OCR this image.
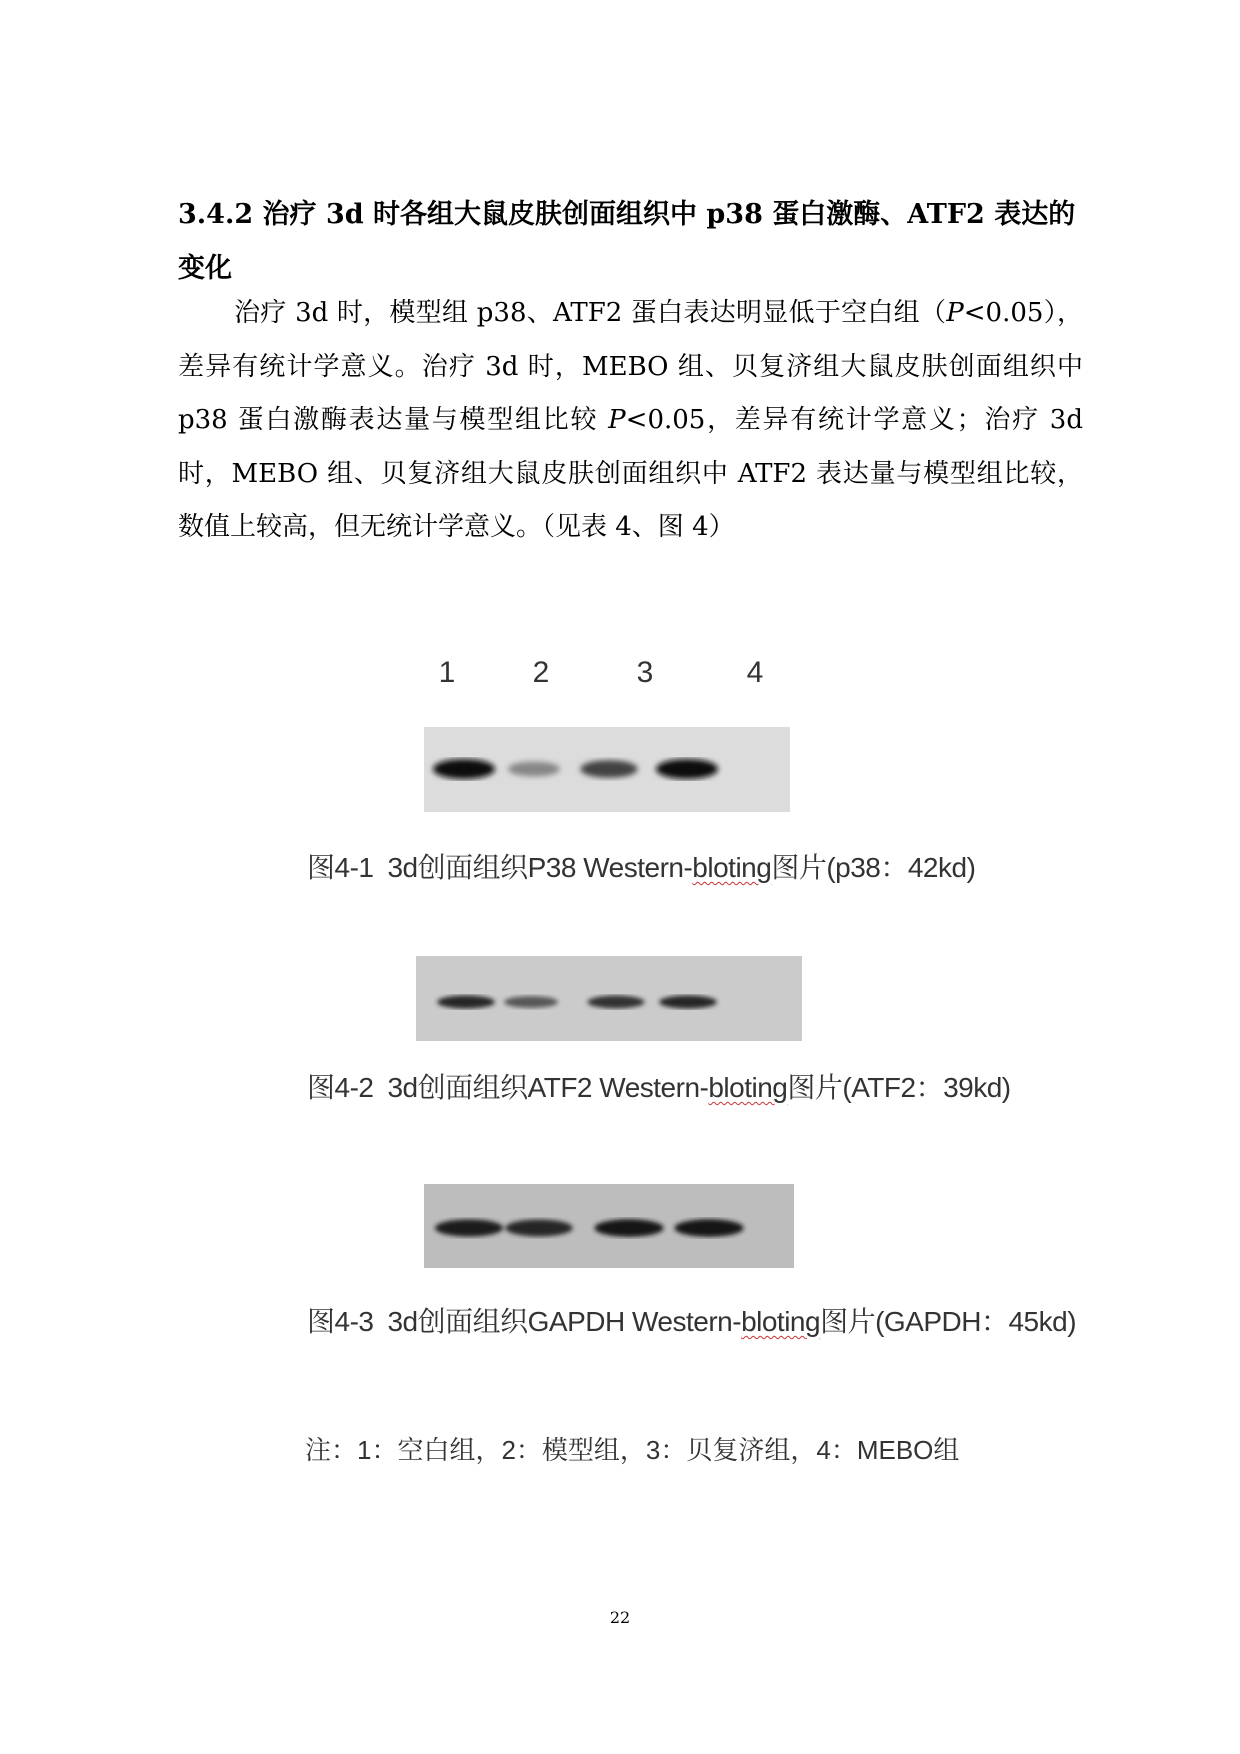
3.4.2 治疗 3d 时各组大鼠皮肤创面组织中 p38 蛋白激酶、ATF2 表达的变化

治疗 3d 时，模型组 p38、ATF2 蛋白表达明显低于空白组（P<0.05），差异有统计学意义。治疗 3d 时，MEBO 组、贝复济组大鼠皮肤创面组织中 p38 蛋白激酶表达量与模型组比较 P<0.05，差异有统计学意义；治疗 3d 时，MEBO 组、贝复济组大鼠皮肤创面组织中 ATF2 表达量与模型组比较，数值上较高，但无统计学意义。（见表 4、图 4）

1	2	3	4
图4-1 3d创面组织P38 Western-bloting图片(p38：42kd)
图4-2 3d创面组织ATF2 Western-bloting图片(ATF2：39kd)
图4-3 3d创面组织GAPDH Western-bloting图片(GAPDH：45kd)
注：1：空白组，2：模型组，3：贝复济组，4：MEBO组
22
